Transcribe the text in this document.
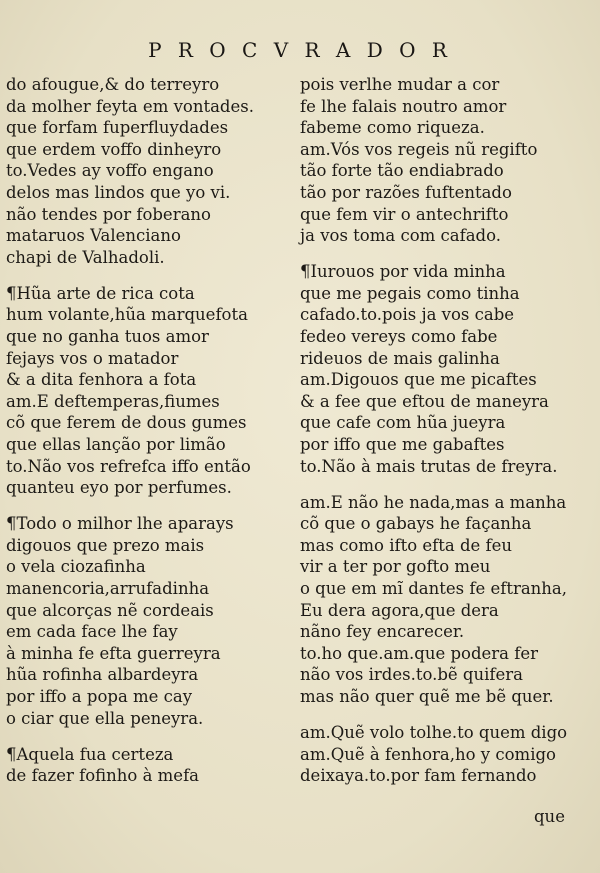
P R O C V R A D O R
do afougue,& do terreyro
da molher feyta em vontades.
que forfam fuperfluydades
que erdem voffo dinheyro
to.Vedes ay voffo engano
delos mas lindos que yo vi.
não tendes por foberano
mataruos Valenciano
chapi de Valhadoli.
¶Hũa arte de rica cota
hum volante,hũa marquefota
que no ganha tuos amor
fejays vos o matador
& a dita fenhora a fota
am.E deftemperas,fiumes
cõ que ferem de dous gumes
que ellas lanção por limão
to.Não vos refrefca iffo então
quanteu eyo por perfumes.
¶Todo o milhor lhe aparays
digouos que prezo mais
o vela ciozafinha
manencoria,arrufadinha
que alcorças nẽ cordeais
em cada face lhe fay
à minha fe efta guerreyra
hũa rofinha albardeyra
por iffo a popa me cay
o ciar que ella peneyra.
¶Aquela fua certeza
de fazer fofinho à mefa
pois verlhe mudar a cor
fe lhe falais noutro amor
fabeme como riqueza.
am.Vós vos regeis nũ regifto
tão forte tão endiabrado
tão por razões fuftentado
que fem vir o antechrifto
ja vos toma com cafado.
¶Iurouos por vida minha
que me pegais como tinha
cafado.to.pois ja vos cabe
fedeo vereys como fabe
rideuos de mais galinha
am.Digouos que me picaftes
& a fee que eftou de maneyra
que cafe com hũa jueyra
por iffo que me gabaftes
to.Não à mais trutas de freyra.
am.E não he nada,mas a manha
cõ que o gabays he façanha
mas como ifto efta de feu
vir a ter por gofto meu
o que em mĩ dantes fe eftranha,
Eu dera agora,que dera
nãno fey encarecer.
to.ho que.am.que podera fer
não vos irdes.to.bẽ quifera
mas não quer quẽ me bẽ quer.
am.Quẽ volo tolhe.to quem digo
am.Quẽ à fenhora,ho y comigo
deixaya.to.por fam fernando
que
